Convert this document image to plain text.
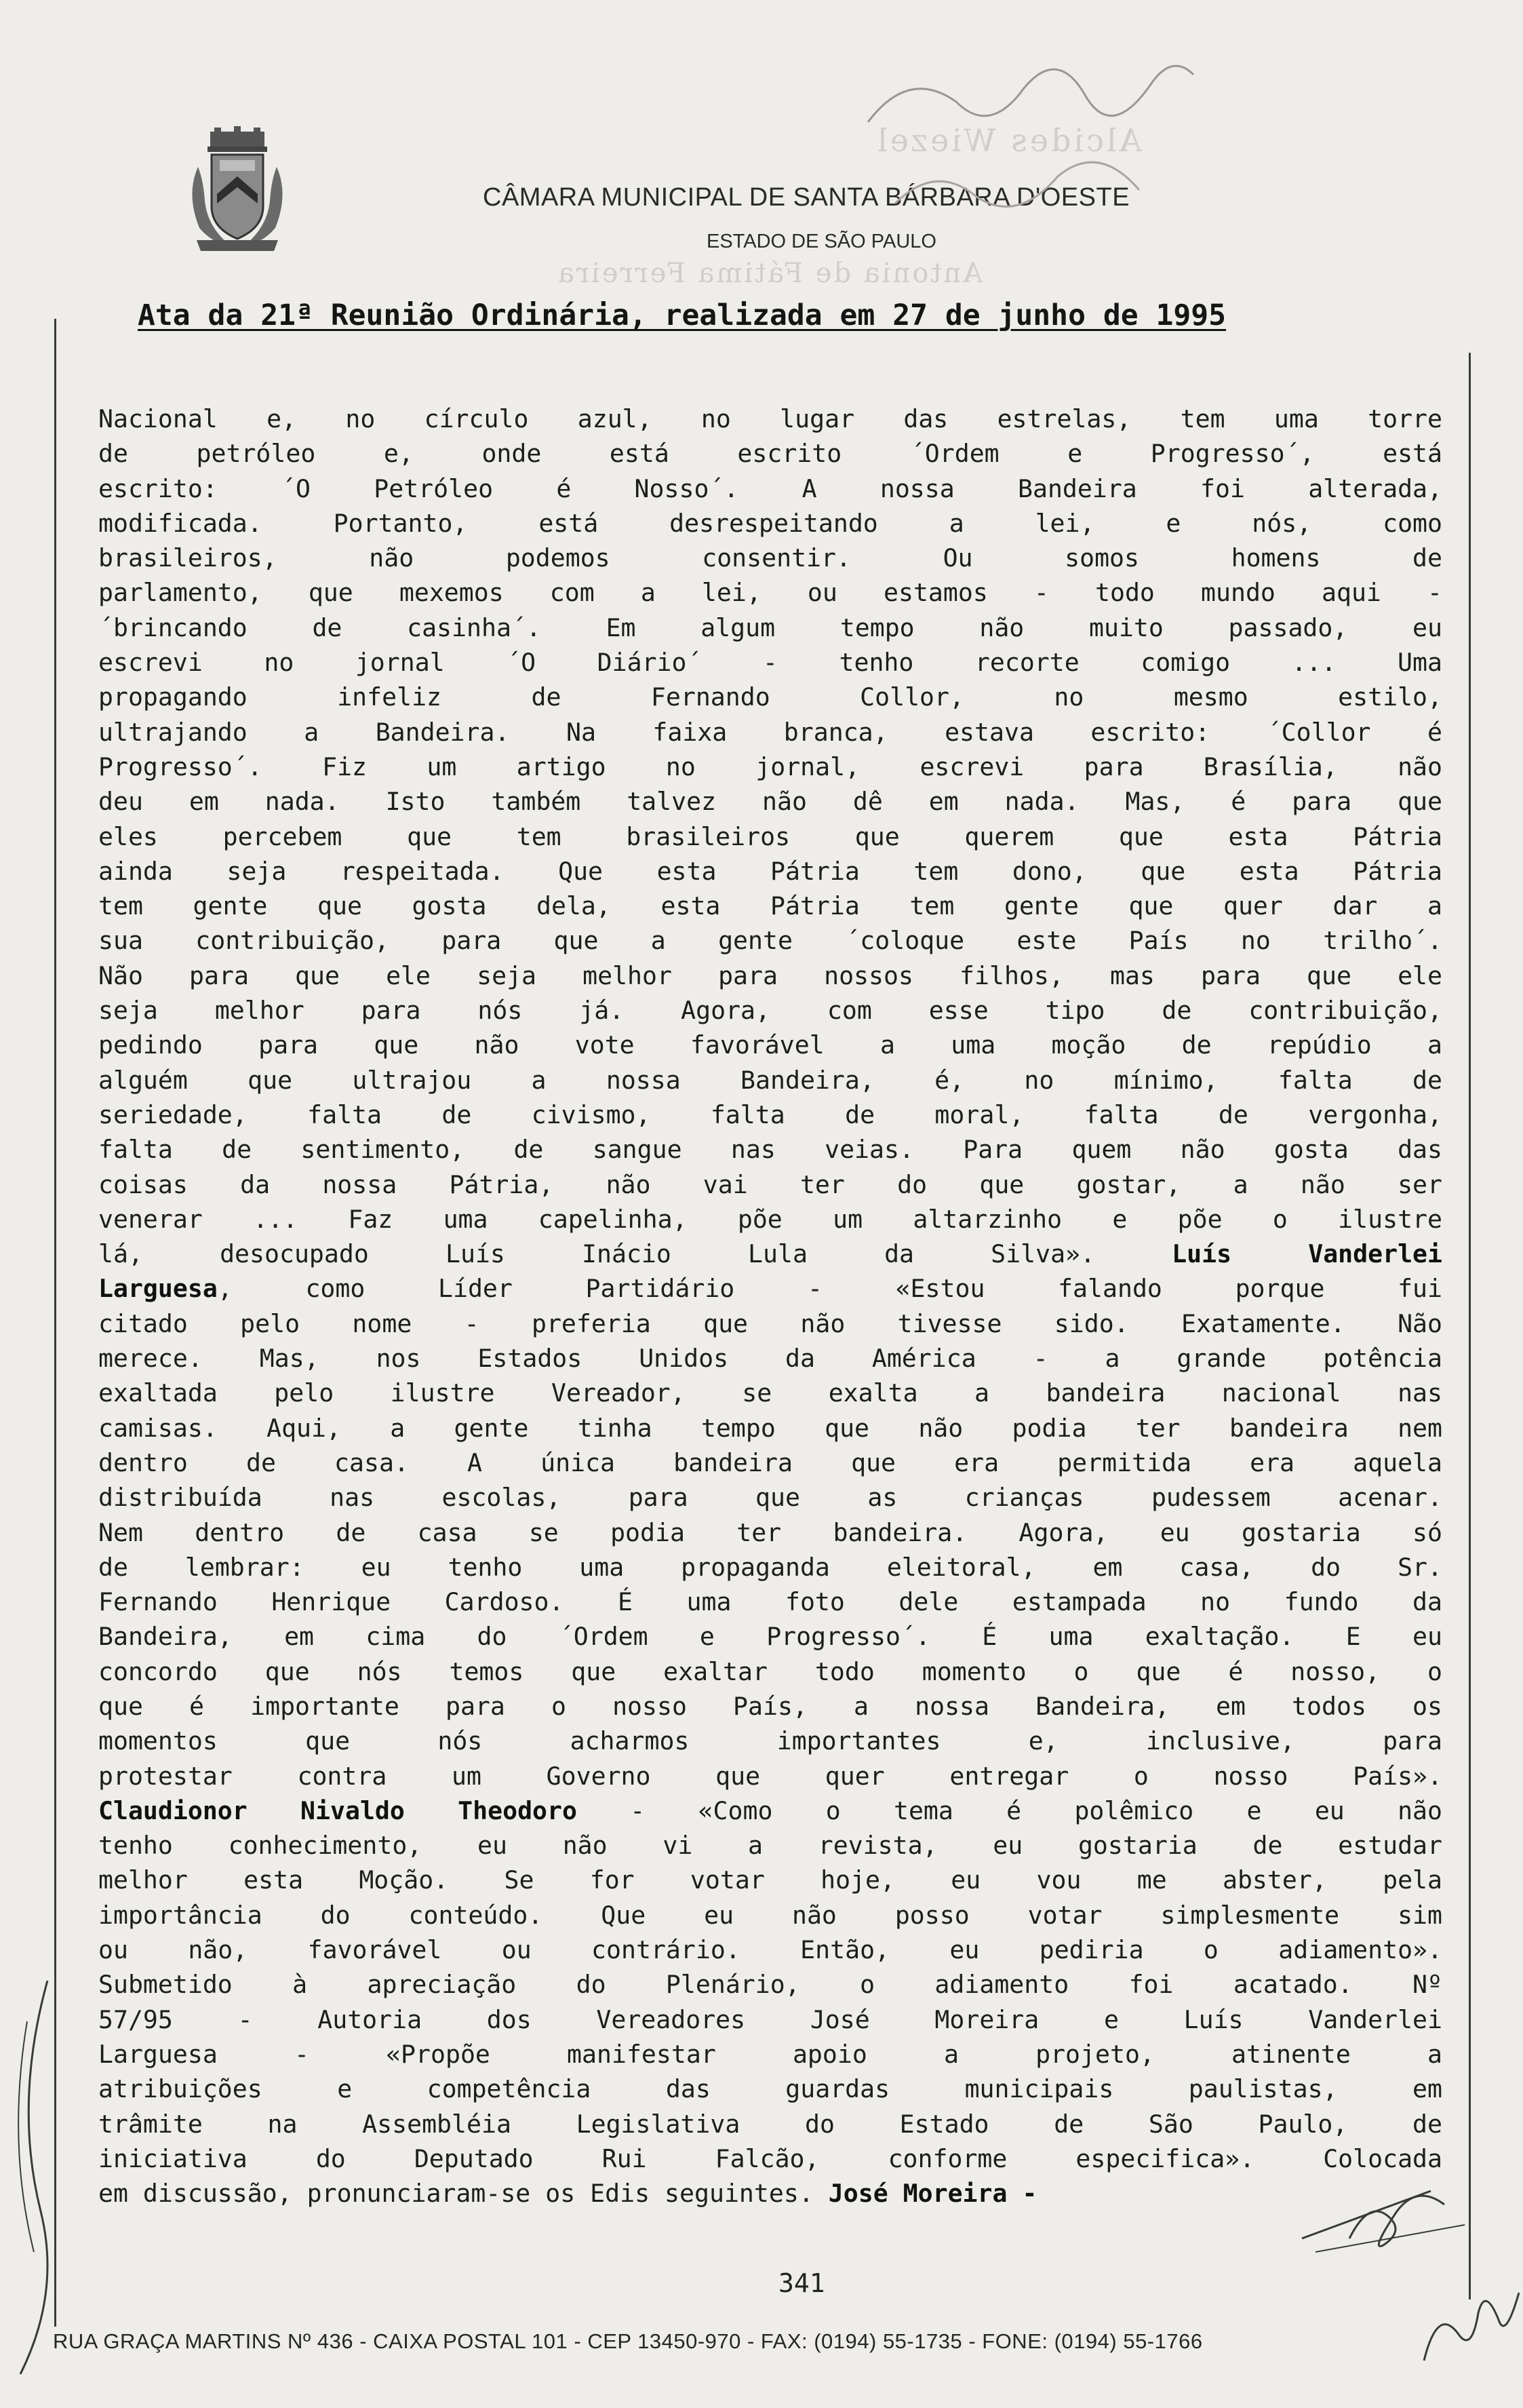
Alcides Wiezel
Antonia de Fátima Ferreira
CÂMARA MUNICIPAL DE SANTA BÁRBARA D'OESTE
ESTADO DE SÃO PAULO
Ata da 21ª Reunião Ordinária, realizada em 27 de junho de 1995
Nacional e, no círculo azul, no lugar das estrelas, tem uma torre
de petróleo e, onde está escrito ´Ordem e Progresso´, está
escrito: ´O Petróleo é Nosso´. A nossa Bandeira foi alterada,
modificada. Portanto, está desrespeitando a lei, e nós, como
brasileiros, não podemos consentir. Ou somos homens de
parlamento, que mexemos com a lei, ou estamos - todo mundo aqui -
´brincando de casinha´. Em algum tempo não muito passado, eu
escrevi no jornal ´O Diário´ - tenho recorte comigo ... Uma
propagando infeliz de Fernando Collor, no mesmo estilo,
ultrajando a Bandeira. Na faixa branca, estava escrito: ´Collor é
Progresso´. Fiz um artigo no jornal, escrevi para Brasília, não
deu em nada. Isto também talvez não dê em nada. Mas, é para que
eles percebem que tem brasileiros que querem que esta Pátria
ainda seja respeitada. Que esta Pátria tem dono, que esta Pátria
tem gente que gosta dela, esta Pátria tem gente que quer dar a
sua contribuição, para que a gente ´coloque este País no trilho´.
Não para que ele seja melhor para nossos filhos, mas para que ele
seja melhor para nós já. Agora, com esse tipo de contribuição,
pedindo para que não vote favorável a uma moção de repúdio a
alguém que ultrajou a nossa Bandeira, é, no mínimo, falta de
seriedade, falta de civismo, falta de moral, falta de vergonha,
falta de sentimento, de sangue nas veias. Para quem não gosta das
coisas da nossa Pátria, não vai ter do que gostar, a não ser
venerar ... Faz uma capelinha, põe um altarzinho e põe o ilustre
lá, desocupado Luís Inácio Lula da Silva». Luís Vanderlei
Larguesa, como Líder Partidário - «Estou falando porque fui
citado pelo nome - preferia que não tivesse sido. Exatamente. Não
merece. Mas, nos Estados Unidos da América - a grande potência
exaltada pelo ilustre Vereador, se exalta a bandeira nacional nas
camisas. Aqui, a gente tinha tempo que não podia ter bandeira nem
dentro de casa. A única bandeira que era permitida era aquela
distribuída nas escolas, para que as crianças pudessem acenar.
Nem dentro de casa se podia ter bandeira. Agora, eu gostaria só
de lembrar: eu tenho uma propaganda eleitoral, em casa, do Sr.
Fernando Henrique Cardoso. É uma foto dele estampada no fundo da
Bandeira, em cima do ´Ordem e Progresso´. É uma exaltação. E eu
concordo que nós temos que exaltar todo momento o que é nosso, o
que é importante para o nosso País, a nossa Bandeira, em todos os
momentos que nós acharmos importantes e, inclusive, para
protestar contra um Governo que quer entregar o nosso País».
Claudionor Nivaldo Theodoro - «Como o tema é polêmico e eu não
tenho conhecimento, eu não vi a revista, eu gostaria de estudar
melhor esta Moção. Se for votar hoje, eu vou me abster, pela
importância do conteúdo. Que eu não posso votar simplesmente sim
ou não, favorável ou contrário. Então, eu pediria o adiamento».
Submetido à apreciação do Plenário, o adiamento foi acatado. Nº
57/95 - Autoria dos Vereadores José Moreira e Luís Vanderlei
Larguesa - «Propõe manifestar apoio a projeto, atinente a
atribuições e competência das guardas municipais paulistas, em
trâmite na Assembléia Legislativa do Estado de São Paulo, de
iniciativa do Deputado Rui Falcão, conforme especifica». Colocada
em discussão, pronunciaram-se os Edis seguintes. José Moreira -
341
RUA GRAÇA MARTINS Nº 436 - CAIXA POSTAL 101 - CEP 13450-970 - FAX: (0194) 55-1735 - FONE: (0194) 55-1766
